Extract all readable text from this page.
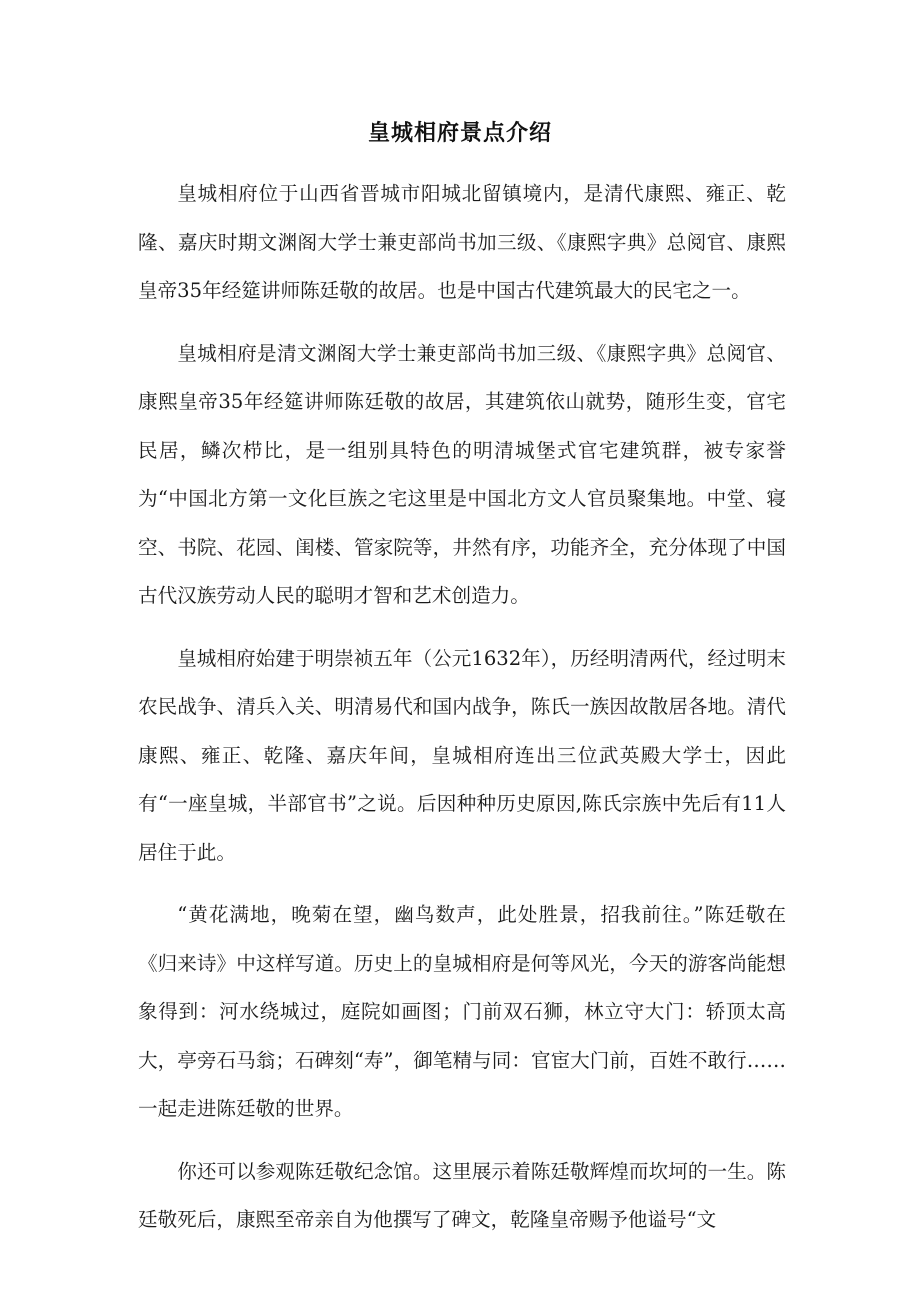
皇城相府景点介绍

皇城相府位于山西省晋城市阳城北留镇境内，是清代康熙、雍正、乾隆、嘉庆时期文渊阁大学士兼吏部尚书加三级、《康熙字典》总阅官、康熙皇帝35年经筵讲师陈廷敬的故居。也是中国古代建筑最大的民宅之一。

皇城相府是清文渊阁大学士兼吏部尚书加三级、《康熙字典》总阅官、康熙皇帝35年经筵讲师陈廷敬的故居，其建筑依山就势，随形生变，官宅民居，鳞次栉比，是一组别具特色的明清城堡式官宅建筑群，被专家誉为“中国北方第一文化巨族之宅这里是中国北方文人官员聚集地。中堂、寝空、书院、花园、闺楼、管家院等，井然有序，功能齐全，充分体现了中国古代汉族劳动人民的聪明才智和艺术创造力。

皇城相府始建于明崇祯五年（公元1632年），历经明清两代，经过明末农民战争、清兵入关、明清易代和国内战争，陈氏一族因故散居各地。清代康熙、雍正、乾隆、嘉庆年间，皇城相府连出三位武英殿大学士，因此有“一座皇城，半部官书”之说。后因种种历史原因,陈氏宗族中先后有11人居住于此。

“黄花满地，晚菊在望，幽鸟数声，此处胜景，招我前往。”陈廷敬在《归来诗》中这样写道。历史上的皇城相府是何等风光，今天的游客尚能想象得到：河水绕城过，庭院如画图；门前双石狮，林立守大门：轿顶太高大，亭旁石马翁；石碑刻“寿”，御笔精与同：官宦大门前，百姓不敢行……一起走进陈廷敬的世界。

你还可以参观陈廷敬纪念馆。这里展示着陈廷敬辉煌而坎坷的一生。陈廷敬死后，康熙至帝亲自为他撰写了碑文，乾隆皇帝赐予他谥号“文
